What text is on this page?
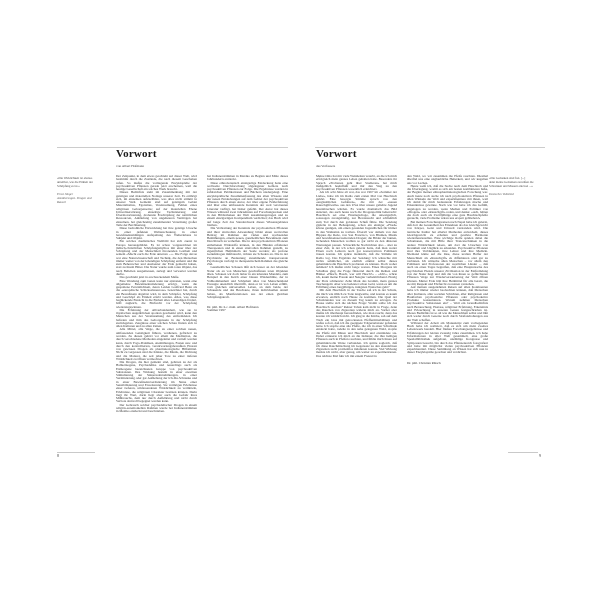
Vorwort
von Albert Hofmann
«Die Wirklichkeit ist ebenso
unteilbar, wie die Einheit der
Schöpfung es ist.»
Ernst Jünger
Annäherungen. Drogen und Rausch

Der Zeitpunkt, in dem etwas geschieht auf dieser Welt, wird bestimmt durch die Zustände, die nach diesem Geschehen rufen. So mußte die vorliegende Enzyklopädie der psychoaktiven Pflanzen gerade jetzt erscheinen, weil die heutige Gesellschaft ein solches Werk braucht.

Dieses Bedürfnis steht im Zusammenhang mit der geistigen und materiellen Notlage unserer Zeit. Es erübrigt sich, im einzelnen aufzuzählen, was alles nicht stimmt in unserer Welt. Gemeint sind auf geistigem Gebiet Materialismus, Egoismus, Vereinsamung, Fehlen eines religiösen Geborgenseins; auf der materiellen Ebene Umweltzerstörung, einseitige Technisierung und Übermotorisierung, drohende Erschöpfung der natürlichen Ressourcen, Anhäufung von ungeheuren Vermögen bei einzelnen, bei gleichzeitig zunehmender Verarmung großer Teile der Bevölkerung.

Diese bedrohliche Entwicklung hat ihre geistige Ursache in einer defekten Weltanschauung, in einer bewußtseinsmäßigen Aufspaltung des Welterlebens in Subjekt und Objekt.

Ein solches dualistisches Weltbild hat sich zuerst in Europa herausgebildet. Es ist schon vorgezeichnet im jüdisch-christlichen Schöpfungsmythos mit einer über der Schöpfung und der Menschheit thronenden Gottheit und seinem «Macht euch die Erde untertan ...». Die Folge davon war eine Naturwissenschaft und Technik, die den Menschen immer weiter von der lebendigen Schöpfung entfernt und ihn zum Beherrscher und Ausbeuter der Erde gemacht haben, statt zu ihrem Hüter. Die Natur wurde zum toten Objekt, das nach Belieben ausgemessen, zerlegt und verwertet werden durfte.

Das geschieht jetzt in erschreckendem Maße.

Eine Wendung zum Guten kann nur eintreten, wenn eine allgemeine Bewußtseinsänderung erfolgt, wenn die gespaltene Persönlichkeit, deren Leiden Gottfried Benn als die «europäische Schicksalsneurose» bezeichnet hat, durch ein Bewußtsein abgelöst wird, in dem Schöpfer, Schöpfung und Geschöpf als Einheit erlebt werden. Alles, was diese beglückende Einsicht in die Einheit alles Lebendigen fördert, hilft zugleich, die Ehrfurcht vor der Schöpfung wiederzugewinnen.

Die Erfahrung der Allverbundenheit, wie sie in mystischen Augenblicken spontan geschenkt wird, kann den Menschen aus der Vereinsamung des entfremdeten Ich befreien und ihm das Geborgensein in der Schöpfung zurückgeben. Zeugnisse einer solchen Schau finden sich in allen Kulturen und zu allen Zeiten.

Alle Mittel, alle Wege, die zu einer solchen neuen, umfassenden Geistigkeit führen, verdienen, gefördert zu werden. Zu diesen gehört vor allem die Meditation, die durch verschiedene Methoden eingeleitet und vertieft werden kann, durch Yoga-Praktiken, Atemübungen, Fasten usw. und durch den kontrollierten, verantwortungsbewußten Einsatz von gewissen Drogen als pharmakologische Hilfsmittel. Nicht zu vergessen sind die Künste, die Musik, die Dichtung und die Malerei, die seit jeher Tore zu einer tieferen Wirklichkeit zu öffnen vermochten.

Die Drogen, die hier gemeint sind, gehören zu der als Halluzinogene, Psychedelika und neuerdings auch als Entheogene bezeichneten Gruppe von psychoaktiven Substanzen. Ihre Wirkung besteht in einer enormen Stimulierung der Sinneswahrnehmungen, in einer Verminderung oder gar Aufhebung der Ich-Du-Schranke und in einer Bewußtseinsveränderung im Sinne einer Sensibilisierung und Erweiterung. Sie vermögen Erlebnisse einer tieferen, umfassenderen Wirklichkeit zu vermitteln, Erlebnisse, die religiösen Charakter besitzen können. Darin liegt ihr Wert, darin liegt aber auch die Gefahr ihres Mißbrauchs, dem nur durch Aufklärung und nicht durch Verbote sinnvoll begegnet werden kann.

Der Gebrauch solcher psychedelischer Drogen in einem religiös-zeremoniellen Rahmen wurde bei Indianerstämmen in Mexiko entdeckt und beschrieben.

bei Indianerstämmen in Mexiko zu Beginn und Mitte dieses Jahrhunderts entdeckt.

Diese ethnobotanisch einzigartige Entdeckung hatte eine weltweite Durchforschung abgelegener Gebiete nach psychoaktiven Pflanzen zur Folge. Die Ergebnisse wurden in zahlreichen Publikationen und Büchern niedergelegt. Eine enzyklopädische Zusammenfassung des alten Wissens und der neuen Entdeckungen auf dem Gebiet der psychoaktiven Pflanzen durch einen Autor, der über eigene Felderfahrung und über eine umfassende Kenntnis der weit verstreuten Literatur verfügt, hat bisher gefehlt. Der Autor hat dieses Wissen während zwei Jahrzehnten auf Forschungsreisen und in den Bibliotheken der Welt zusammengetragen und zu einem einzigartigen Kompendium verdichtet; das Buch wird auf lange Zeit das Standardwerk dieses Wissensgebietes bleiben.

Die Verbreitung der Kenntnis der psychoaktiven Pflanzen und ihrer sinnvollen Anwendung bildet einen wertvollen Beitrag im Rahmen der vielen und wachsenden Bemühungen, einem neuen, ganzheitlichen Bewußtsein zum Durchbruch zu verhelfen. Die in den psychoaktiven Pflanzen enthaltenen Wirkstoffe können, in den Händen erfahrener Therapeuten und in einen sinnvollen Rahmen gestellt, zu eigentlichen Heilmitteln der Seele werden; als profane Genußdrogen mißbraucht, richten sie Schaden an. Die in der Psychiatrie an Bedeutung zunehmende transpersonale Psychologie verfolgt in therapeutischem Rahmen das gleiche Ziel.

Ganzheitliches Schauen läßt sich besser an der lebenden Natur als an von Menschen geschaffenen toten Objekten üben. Schauen wir doch lieber in ein lebendes Mandala, zum Beispiel in den Kelch einer blauen Windenblüte, der in Vollkommenheit und Schönheit alles von Menschenhand Erzeugte unendlich übertrifft, denn er ist von Leben erfüllt, vom gleichen universellen Leben, an dem beide, der Schauende und das Beschaute, ihren individuellen Anteil haben, als Manifestationen aus der einen gleichen Schöpfungskraft.

Dr. phil. Dr. h.c. mult. Albert Hofmann
Sommer 1997
8
Vorwort
des Verfassers
«Die Gedanken sind frei. [...]
denn meine Gedanken zerreißen die
Schranken und Mauern entzwei ...»
Deutsches Volkslied

Meine Oma hat mir viele Weisheiten vererbt, an die ich mich erfolgreich mein ganzes Leben gehalten habe. Besonders ihr Spruch «Probieren geht über Studieren» hat mich maßgeblich beeinflußt und mir den Weg zu den psychoaktiven Pflanzen wesentlich erleichtert.

Als ich acht Jahre alt war, das war 1967 im «Sommer der Liebe», habe ich im Radio zum ersten Mal von Haschisch gehört. Eine besorgte Stimme sprach von den «unglaublichen Gefahren», die mit der «neuen Rauschgiftwelle» aus den USA über unsere geliebte Jugend hereinbrechen würden. Es wurde dramatisch das Bild skizziert, das auch heute noch die Drogenpolitik beherrscht: Haschisch sei eine Einstiegsdroge, die unweigerlich, sozusagen zwangsläufig, zur Heroinsucht und schließlich zum Tod durch den goldenen Schuß führe. Die Sendung gipfelte in der Behauptung, schon ein einziger «Flash» könne genügen, um einen gesunden Jugendlichen für immer in den Wahnsinn zu treiben. Überall war damals von den Hippies die Rede, von San Francisco, von Blumen, Musik und bewußtseinserweiternden Drogen; die Bilder der bunten, lachenden Menschen wollten so gar nicht zu den düsteren Warnungen passen. Schreckliche Nachrichten also – aber zu einer Zeit, in der ich schon gelernt hatte, daß man weder Eltern noch Lehrern noch gar konservativen Politikern trauen konnte. Ich spürte instinktiv, daß die Stimme im Radio log. Das Ergebnis der Sendung: Ich wünschte mir nichts sehnlicher, als endlich einmal selbst dieses geheimnisvolle Haschisch probieren zu können. Doch woher nehmen? Ich mußte nicht lange warten. Eines Morgens im Schulbus ging die Frage flüsternd durch die Reihen und Bänke: «Hasch, Hasch, wer will Hasch?» – «Ich!», schrie ich, kaum meine Freude und Neugier verheimlichend. Einzig der Preis schmerzte: Zehn Mark das Gramm, mein ganzes Taschengeld. Aber was bedeutet schon Geld, wenn es um die Erfüllung eines langjährigen, innigsten Wunsches geht?

Mit dem Haschisch in der Tasche saß ich in der Schule, die mich wie üblich zu Tode langweilte, und konnte es kaum erwarten, endlich nach Hause zu kommen. Die Qual der Schulstunden war an diesem Tag kaum zu ertragen. Zu Hause stellte sich die nächste Frage: Womit sollte ich das Haschisch rauchen? Reiner Tabak kam nicht in Frage, denn das Rauchen von Zigaretten widerte mich an. Vorher aber mußte ich überhaupt herausfinden, wie man raucht, denn das konnte ich wirklich nicht. Ich ging in die Küche, sah auf dem Tisch ein Glas mit getrockneten Pfefferminzblättern und wußte sofort, daß ich die geeignete Trägersubstanz gefunden hatte. Ich stopfte eine alte Pfeife, die ich in einer Schublade entdeckt hatte, radelte in den nahe gelegenen Wald, stopfte die Pfeife mit Minze und Haschisch und entzündete sie. Dabei erinnerte ich mich an die Indianer, die ihre heiligen Pflanzen auch in Pfeifen rauchten, und fühlte mich ihnen auf geheimnisvolle Weise verbunden. Ich spürte sogleich, daß ich diese Rauchmischung im Gegensatz zu den skandalösen Zigaretten recht problemlos inhalieren konnte. Viel Wirkung merkte ich nicht, aber genug, um weiter zu experimentieren. Das nächste Mal fuhr ich mit einem Freund in

den Wald, wo wir zusammen die Pfeife rauchten. Diesmal überfiel uns eine unglaubliche Heiterkeit, und wir kugelten uns vor Lachen.

Heute weiß ich, daß die Suche nach dem Haschisch und die Überlegung, womit es sich am besten kombinieren ließe, der Beginn meiner ethnopharmakologischen Forschung war. Auch heute noch suche ich nach psychoaktiven Pflanzen in allen Winkeln der Welt und experimentiere mit ihnen, weil ich damit für mich bedeutende Erfahrungen mache und Erkenntnisse gewinne. Nach wie vor habe ich das Gefühl, angelogen zu werden, wenn Medien und Politiker von «Drogen» oder «Rauschgift» reden, und denke: «Ach, hätten die doch auch als Zwölfjährige eine gute Haschischpfeife geraucht, viele Probleme wären uns erspart geblieben!»

Bei meinen Forschungsreisen nach Nepal habe ich gelernt, daß dort die Gesundheit des Einzelnen als das Gleichgewicht von Körper, Geist und Umwelt verstanden wird. Die tantrische Kultur hat allerlei Methoden entwickelt, dieses Gleichgewicht zu erhalten und gestörte Harmonie wiederherzustellen. Eine wichtige Rolle spielen dabei die Schamanen, die mit Hilfe ihrer Trancetechniken in die andere Wirklichkeit reisen, um dort die Ursachen von Krankheit und Unglück zu erkunden. Psychoaktive Pflanzen sind ihre Verbündeten, ihre Lehrer und ihre Medizin. Niemand käme auf die Idee, diese uralten Helfer der Menschheit als «Rauschgift» zu diffamieren oder gar zu verbieten. Ich wünsche allen Menschen – vor allem den Politikern und Professoren der westlichen Länder –, daß auch sie eines Tages begreifen, daß eine Hauptursache des psychischen Elends unserer Zivilisation in der Entfremdung von der Natur liegt und daß die von ihnen so gefürchteten Pflanzen Wege zur Wiederverzauberung der Welt öffnen können. Mutter Erde hält ihre Heilmittel für alle bereit, die sie mit Respekt und Ehrfurcht zu nutzen verstehen.

Auf meinen ausgedehnten Reisen auf allen Kontinenten habe ich immer wieder beobachten können, daß Menschen aller Kulturen, aller sozialen Schichten, aller Religionen und Hautfarben psychoaktive Pflanzen oder psychoaktive Produkte konsumieren. Warum nehmen Menschen psychoaktive Substanzen ein? – Weil ein Grundbedürfnis nach Berauschung, Ekstase, religiöser Erfahrung, Erkenntnis und Erleuchtung in unseren Genen festgeschrieben ist. Dieses Bedürfnis ist so alt wie die Menschheit selbst und läßt sich weder durch Gesetze noch durch Strafandrohungen aus der Welt schaffen.

Während der Arbeit am Manuskript zum vorliegenden Buch habe ich realisiert, daß es sich um mein zweites Lebenswerk handelt. Hier fließen Forschungsergebnisse und Erfahrungen der letzten zwanzig Jahre zusammen. Ich habe Informationen in aller Welt gesammelt, eine große Spezialbibliothek aufgebaut, unzählige Kongresse und Symposien besucht, bin durch das Pflanzenreich fotografiert und habe mit möglichst vielen psychoaktiven Pflanzen experimentiert. Diese Sammlung an Wissen hat sich nun in dieser Enzyklopädie geordnet und verdichtet.

Dr. phil. Christian Rätsch
9
